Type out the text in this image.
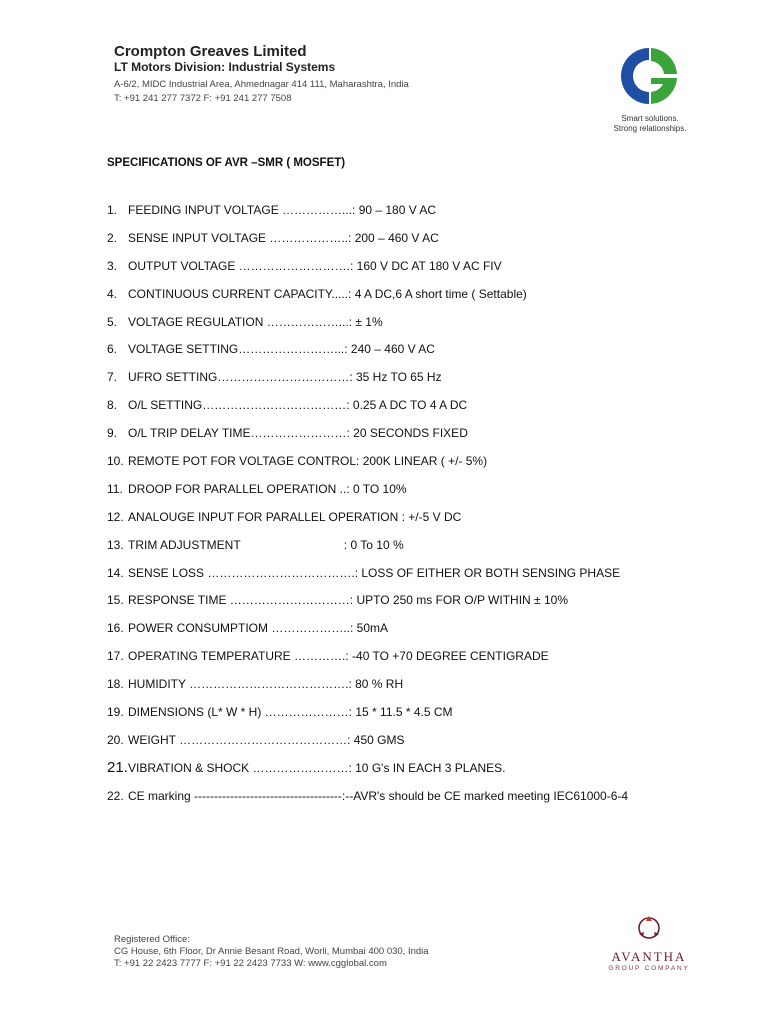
Crompton Greaves Limited
LT Motors Division: Industrial Systems
A-6/2, MIDC Industrial Area, Ahmednagar 414 111, Maharashtra, India
T: +91 241 277 7372 F: +91 241 277 7508
Smart solutions.
Strong relationships.
SPECIFICATIONS OF AVR –SMR ( MOSFET)
1. FEEDING INPUT VOLTAGE ……………...: 90 – 180 V AC
2. SENSE INPUT VOLTAGE ………………..: 200 – 460 V AC
3. OUTPUT VOLTAGE ……………………….: 160 V DC AT 180 V AC FIV
4. CONTINUOUS CURRENT CAPACITY.....: 4 A DC,6 A short time ( Settable)
5. VOLTAGE REGULATION ………………...: ± 1%
6. VOLTAGE SETTING……………………...: 240 – 460 V AC
7. UFRO SETTING……………………………: 35 Hz TO 65 Hz
8. O/L SETTING………………………………: 0.25 A DC TO 4 A DC
9. O/L TRIP DELAY TIME……………………: 20 SECONDS FIXED
10. REMOTE POT FOR VOLTAGE CONTROL: 200K LINEAR ( +/- 5%)
11. DROOP FOR PARALLEL OPERATION ..: 0 TO 10%
12. ANALOUGE INPUT FOR PARALLEL OPERATION : +/-5 V DC
13. TRIM ADJUSTMENT                               : 0 To 10 %
14. SENSE LOSS ……………………………….: LOSS OF EITHER OR BOTH SENSING PHASE
15. RESPONSE TIME …………………………: UPTO 250 ms FOR O/P WITHIN ± 10%
16. POWER CONSUMPTIOM ………………..: 50mA
17. OPERATING TEMPERATURE ………….: -40 TO +70 DEGREE CENTIGRADE
18. HUMIDITY ………………………………….: 80 % RH
19. DIMENSIONS (L* W * H) …………………: 15 * 11.5 * 4.5 CM
20. WEIGHT ……………………………………: 450 GMS
21.VIBRATION & SHOCK ……………………: 10 G's IN EACH 3 PLANES.
22. CE marking -------------------------------------:--AVR's should be CE marked meeting IEC61000-6-4
Registered Office:
CG House, 6th Floor, Dr Annie Besant Road, Worli, Mumbai 400 030, India
T: +91 22 2423 7777 F: +91 22 2423 7733 W: www.cgglobal.com	AVANTHA
GROUP COMPANY
